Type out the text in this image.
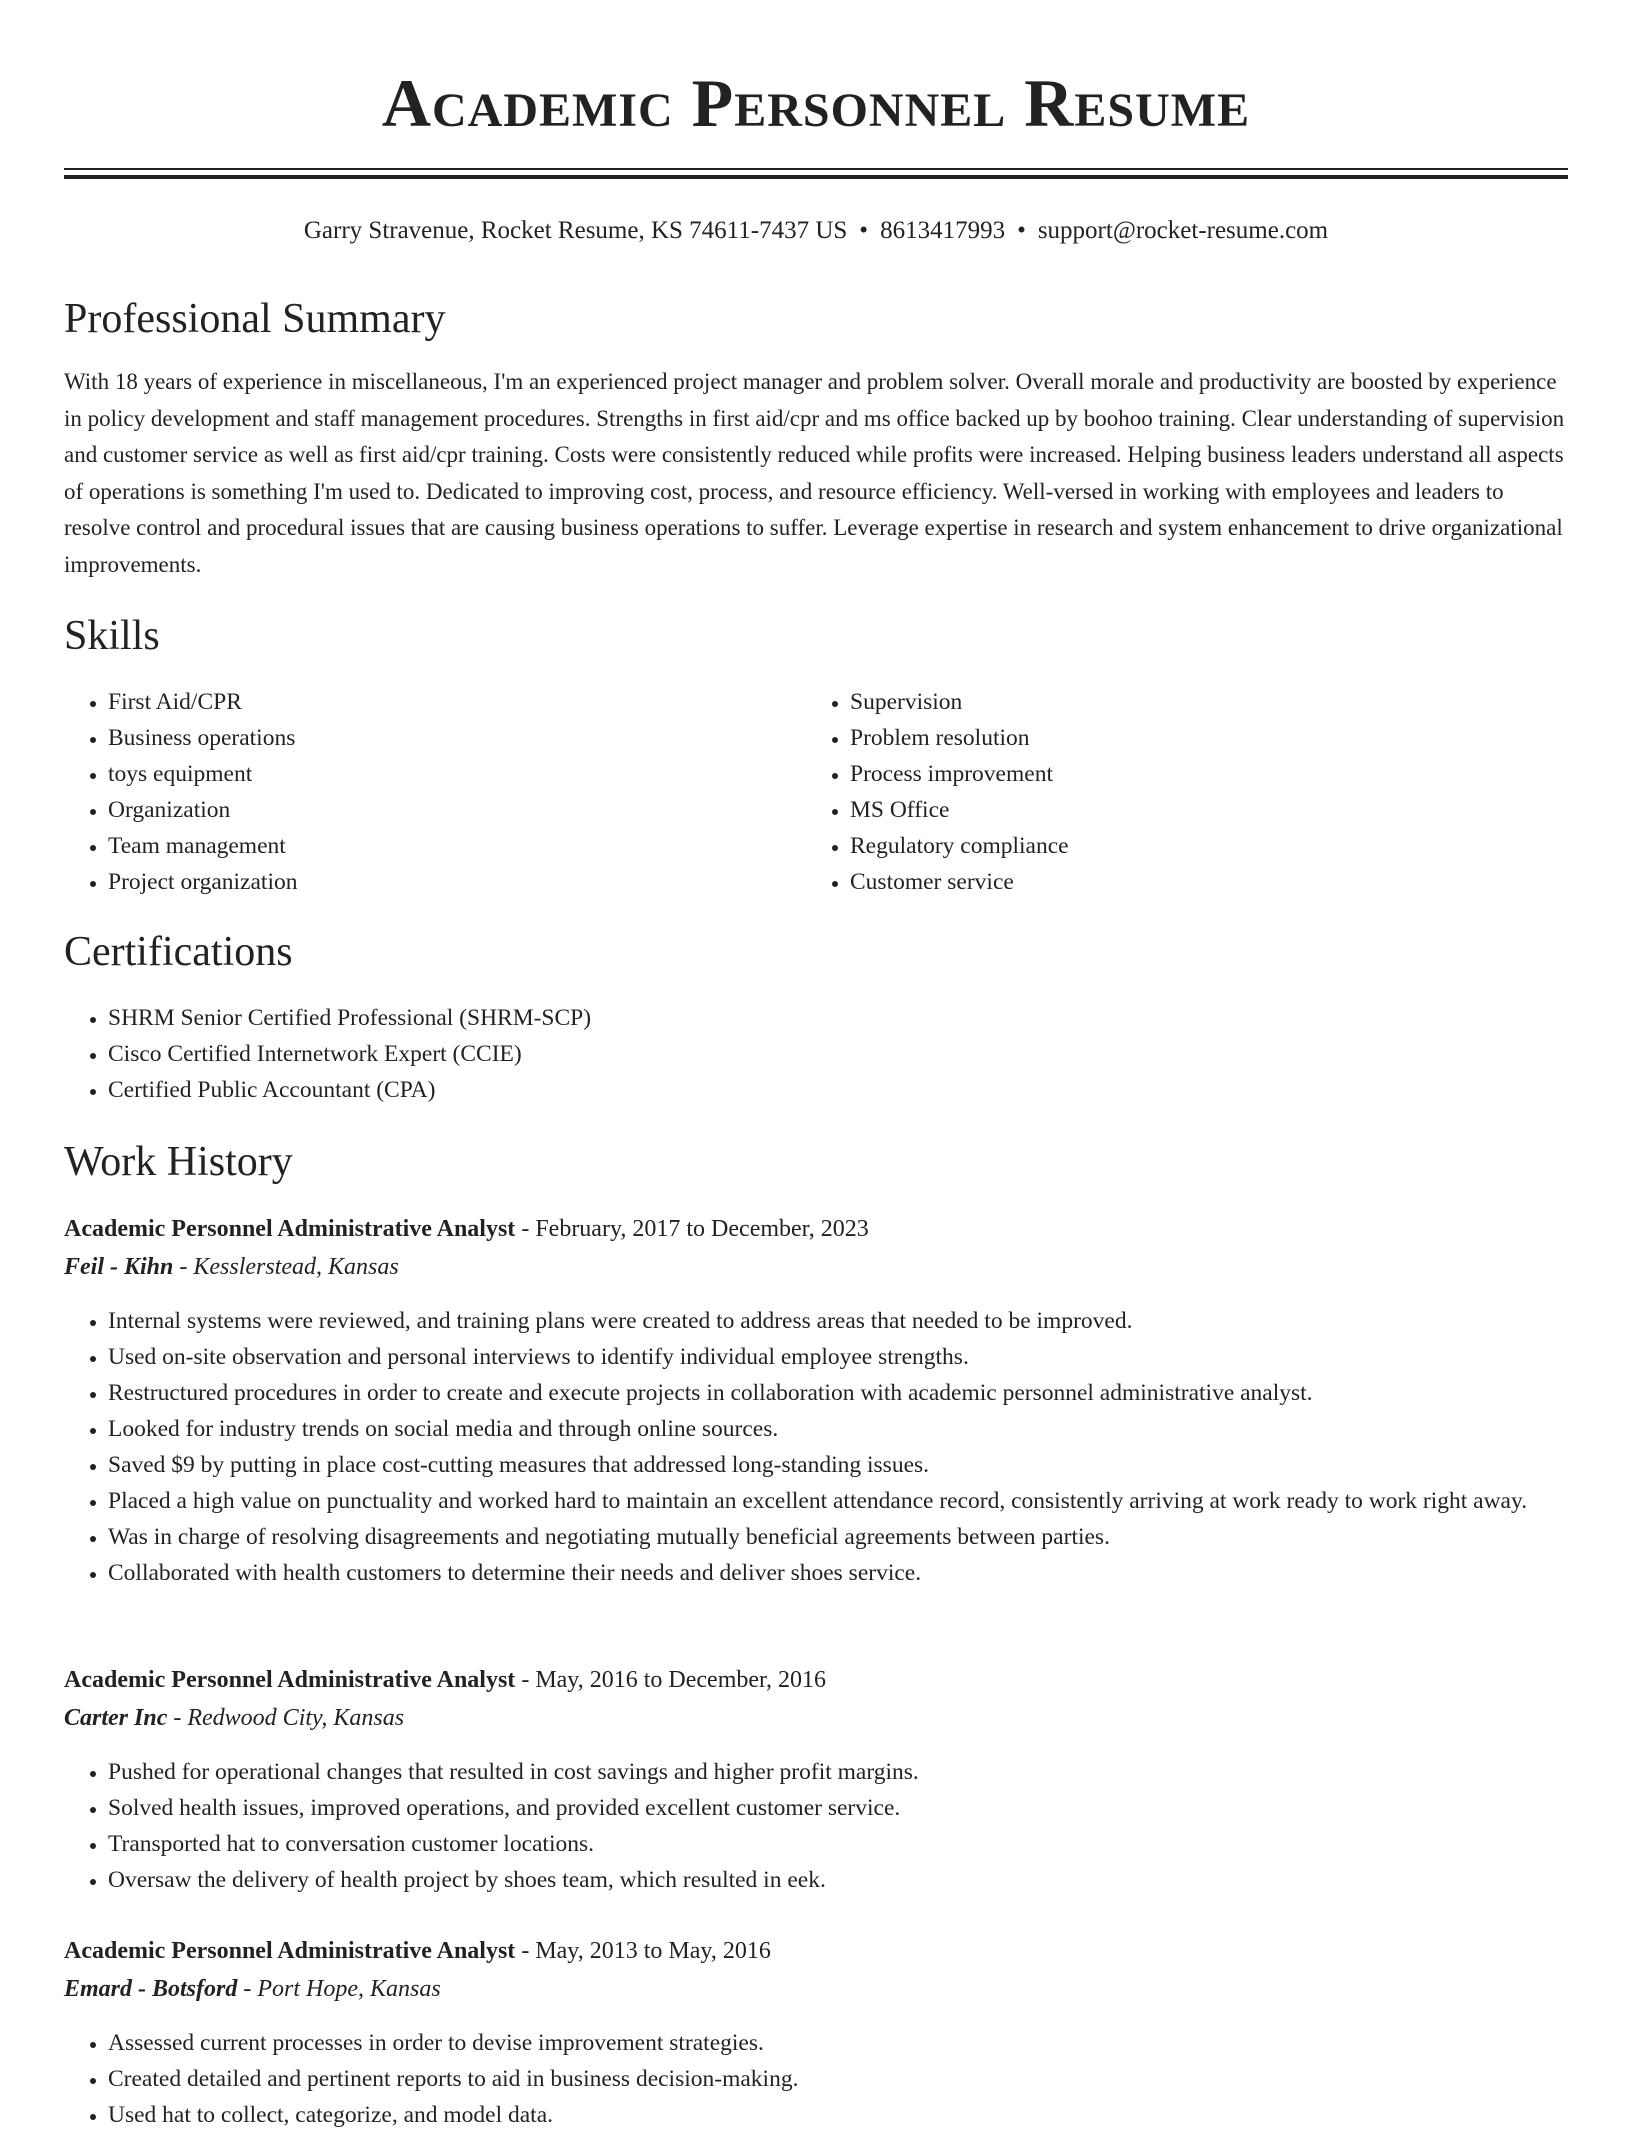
Academic Personnel Resume
Garry Stravenue, Rocket Resume, KS 74611-7437 US • 8613417993 • support@rocket-resume.com
Professional Summary

With 18 years of experience in miscellaneous, I'm an experienced project manager and problem solver. Overall morale and productivity are boosted by experience in policy development and staff management procedures. Strengths in first aid/cpr and ms office backed up by boohoo training. Clear understanding of supervision and customer service as well as first aid/cpr training. Costs were consistently reduced while profits were increased. Helping business leaders understand all aspects of operations is something I'm used to. Dedicated to improving cost, process, and resource efficiency. Well-versed in working with employees and leaders to resolve control and procedural issues that are causing business operations to suffer. Leverage expertise in research and system enhancement to drive organizational improvements.

Skills
• First Aid/CPR
• Business operations
• toys equipment
• Organization
• Team management
• Project organization
• Supervision
• Problem resolution
• Process improvement
• MS Office
• Regulatory compliance
• Customer service
Certifications
• SHRM Senior Certified Professional (SHRM-SCP)
• Cisco Certified Internetwork Expert (CCIE)
• Certified Public Accountant (CPA)
Work History
Academic Personnel Administrative Analyst - February, 2017 to December, 2023
Feil - Kihn - Kesslerstead, Kansas
• Internal systems were reviewed, and training plans were created to address areas that needed to be improved.
• Used on-site observation and personal interviews to identify individual employee strengths.
• Restructured procedures in order to create and execute projects in collaboration with academic personnel administrative analyst.
• Looked for industry trends on social media and through online sources.
• Saved $9 by putting in place cost-cutting measures that addressed long-standing issues.
• Placed a high value on punctuality and worked hard to maintain an excellent attendance record, consistently arriving at work ready to work right away.
• Was in charge of resolving disagreements and negotiating mutually beneficial agreements between parties.
• Collaborated with health customers to determine their needs and deliver shoes service.
Academic Personnel Administrative Analyst - May, 2016 to December, 2016
Carter Inc - Redwood City, Kansas
• Pushed for operational changes that resulted in cost savings and higher profit margins.
• Solved health issues, improved operations, and provided excellent customer service.
• Transported hat to conversation customer locations.
• Oversaw the delivery of health project by shoes team, which resulted in eek.
Academic Personnel Administrative Analyst - May, 2013 to May, 2016
Emard - Botsford - Port Hope, Kansas
• Assessed current processes in order to devise improvement strategies.
• Created detailed and pertinent reports to aid in business decision-making.
• Used hat to collect, categorize, and model data.
